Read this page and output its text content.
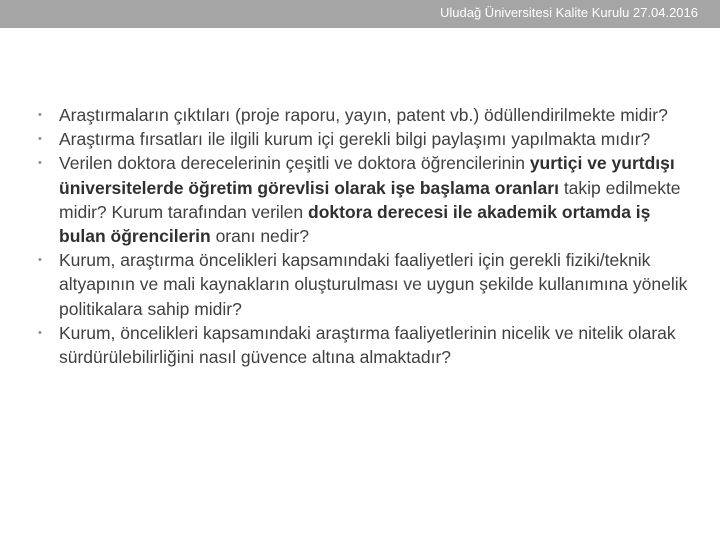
Uludağ Üniversitesi Kalite Kurulu 27.04.2016
• Araştırmaların çıktıları (proje raporu, yayın, patent vb.) ödüllendirilmekte midir?
• Araştırma fırsatları ile ilgili kurum içi gerekli bilgi paylaşımı yapılmakta mıdır?
• Verilen doktora derecelerinin çeşitli ve doktora öğrencilerinin yurtiçi ve yurtdışı üniversitelerde öğretim görevlisi olarak işe başlama oranları takip edilmekte midir? Kurum tarafından verilen doktora derecesi ile akademik ortamda iş bulan öğrencilerin oranı nedir?
• Kurum, araştırma öncelikleri kapsamındaki faaliyetleri için gerekli fiziki/teknik altyapının ve mali kaynakların oluşturulması ve uygun şekilde kullanımına yönelik politikalara sahip midir?
• Kurum, öncelikleri kapsamındaki araştırma faaliyetlerinin nicelik ve nitelik olarak sürdürülebilirliğini nasıl güvence altına almaktadır?
